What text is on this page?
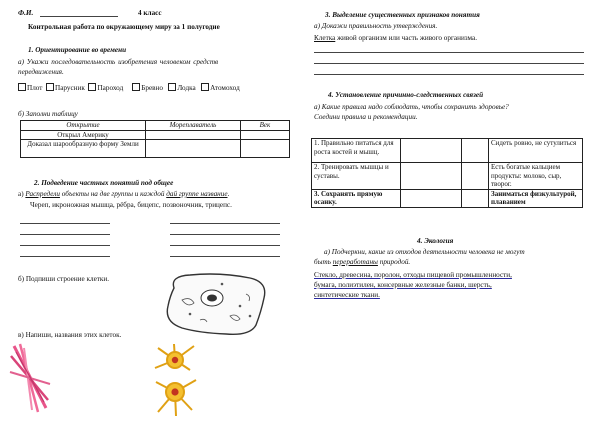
Ф.И.	4 класс
Контрольная работа по окружающему миру за 1 полугодие
1. Ориентирование во времени
а) Укажи последовательность изобретения человеком средств
передвижения.
Плот Парусник Пароход Бревно Лодка Атомоход
б) Заполни таблицу
Открытие	Мореплаватель	Век
Открыл Америку		
Доказал шарообразную форму Земли		
2. Подведение частных понятий под общее
а) Распредели объекты на две группы и каждой дай группе название.
Череп, икроножная мышца, рёбра, бицепс, позвоночник, трицепс.
б) Подпиши строение клетки.
в) Напиши, названия этих клеток.
3. Выделение существенных признаков понятия
а) Докажи правильность утверждения.
Клетка живой организм или часть живого организма.
4. Установление причинно-следственных связей
а) Какие правила надо соблюдать, чтобы сохранить здоровье?
Соедини правила и рекомендации.
1. Правильно питаться для роста костей и мышц.			Сидеть ровно, не сутулиться
2. Тренировать мышцы и суставы.			Есть богатые кальцием продукты: молоко, сыр, творог.
3. Сохранять прямую осанку.			Заниматься физкультурой, плаванием
4. Экология
а) Подчеркни, какие из отходов деятельности человека не могут
быть переработаны природой.
Стекло, древесина, поролон, отходы пищевой промышленности,
бумага, полиэтилен, консервные железные банки, шерсть,
синтетические ткани.
